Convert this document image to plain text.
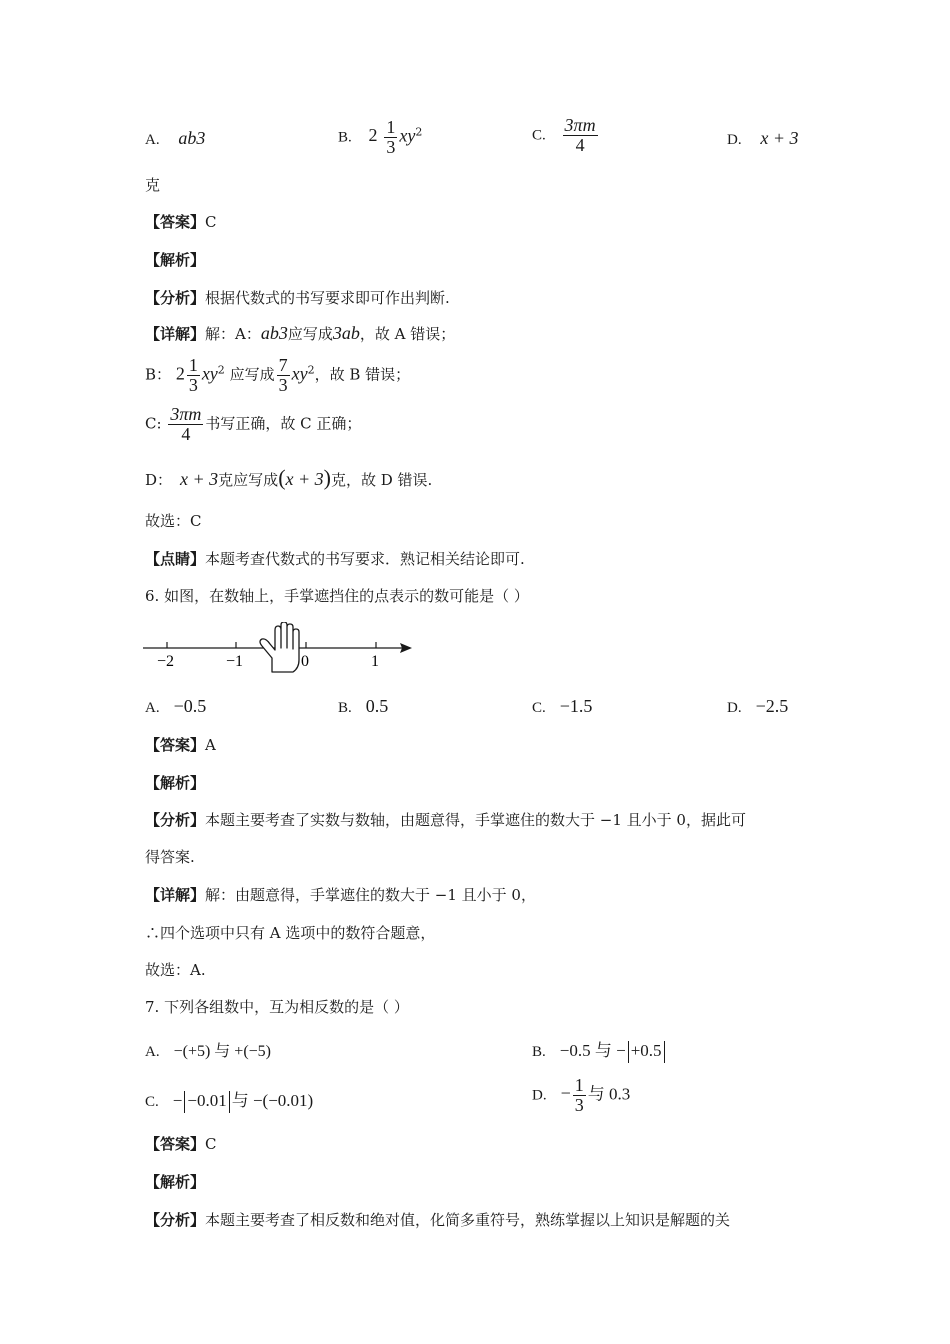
A. ab3	B. $2 \frac{1}{3} xy^2$	C. $\frac{3\pi m}{4}$	D. x + 3
克
【答案】C
【解析】
【分析】根据代数式的书写要求即可作出判断.
【详解】解：A：ab3应写成3ab，故 A 错误；
B： $2 \frac{1}{3} xy^2$ 应写成 $\frac{7}{3} xy^2$，故 B 错误；
C: $\frac{3\pi m}{4}$ 书写正确，故 C 正确；
D： x + 3克应写成(x + 3)克，故 D 错误.
故选：C
【点睛】本题考查代数式的书写要求．熟记相关结论即可.
6. 如图，在数轴上，手掌遮挡住的点表示的数可能是（ ）
−2	−1	0	1
A. −0.5	B. 0.5	C. −1.5	D. −2.5
【答案】A
【解析】
【分析】本题主要考查了实数与数轴，由题意得，手掌遮住的数大于 −1 且小于 0，据此可
得答案.
【详解】解：由题意得，手掌遮住的数大于 −1 且小于 0，
∴四个选项中只有 A 选项中的数符合题意，
故选：A.
7. 下列各组数中，互为相反数的是（ ）
A. −(+5) 与 +(−5)	B. −0.5 与 − +0.5
C. − −0.01 与 −(−0.01)	D. − $\frac{1}{3}$ 与 0.3
【答案】C
【解析】
【分析】本题主要考查了相反数和绝对值，化简多重符号，熟练掌握以上知识是解题的关
